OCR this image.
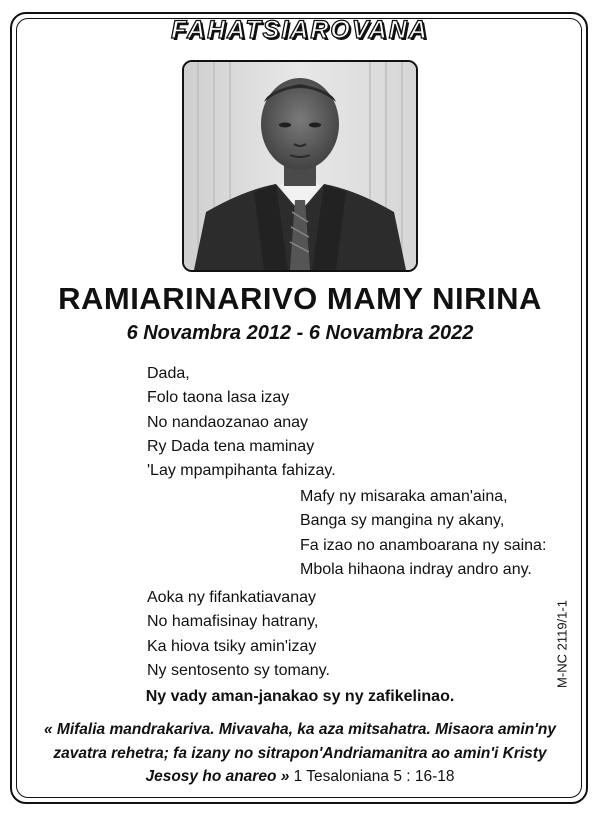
FAHATSIAROVANA
RAMIARINARIVO MAMY NIRINA
6 Novambra 2012 - 6 Novambra 2022
Dada,
Folo taona lasa izay
No nandaozanao anay
Ry Dada tena maminay
'Lay mpampihanta fahizay.
Mafy ny misaraka aman'aina,
Banga sy mangina ny akany,
Fa izao no anamboarana ny saina:
Mbola hihaona indray andro any.
Aoka ny fifankatiavanay
No hamafisinay hatrany,
Ka hiova tsiky amin'izay
Ny sentosento sy tomany.
Ny vady aman-janakao sy ny zafikelinao.
« Mifalia mandrakariva. Mivavaha, ka aza mitsahatra. Misaora amin'ny zavatra rehetra; fa izany no sitrapon'Andriamanitra ao amin'i Kristy Jesosy ho anareo » 1 Tesaloniana 5 : 16-18
M-NC 2119/1-1
